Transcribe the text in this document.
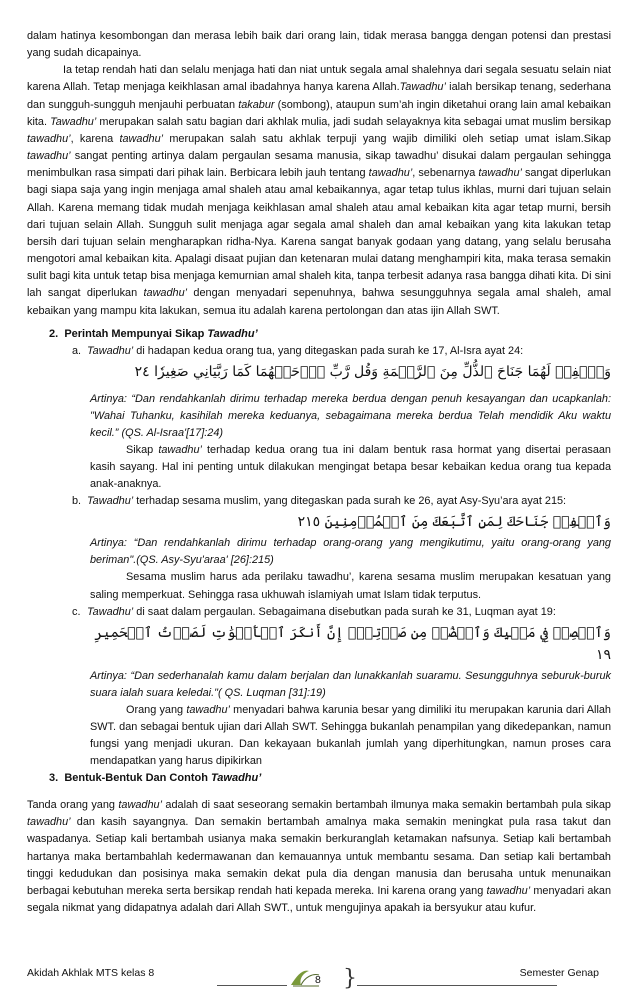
dalam hatinya kesombongan dan merasa lebih baik dari orang lain, tidak merasa bangga dengan potensi dan prestasi yang sudah dicapainya.

Ia tetap rendah hati dan selalu menjaga hati dan niat untuk segala amal shalehnya dari segala sesuatu selain niat karena Allah. Tetap menjaga keikhlasan amal ibadahnya hanya karena Allah.Tawadhu’ ialah bersikap tenang, sederhana dan sungguh-sungguh menjauhi perbuatan takabur (sombong), ataupun sum’ah ingin diketahui orang lain amal kebaikan kita. Tawadhu’ merupakan salah satu bagian dari akhlak mulia, jadi sudah selayaknya kita sebagai umat muslim bersikap tawadhu’, karena tawadhu’ merupakan salah satu akhlak terpuji yang wajib dimiliki oleh setiap umat islam.Sikap tawadhu’ sangat penting artinya dalam pergaulan sesama manusia, sikap tawadhu’ disukai dalam pergaulan sehingga menimbulkan rasa simpati dari pihak lain. Berbicara lebih jauh tentang tawadhu’, sebenarnya tawadhu’ sangat diperlukan bagi siapa saja yang ingin menjaga amal shaleh atau amal kebaikannya, agar tetap tulus ikhlas, murni dari tujuan selain Allah. Karena memang tidak mudah menjaga keikhlasan amal shaleh atau amal kebaikan kita agar tetap murni, bersih dari tujuan selain Allah. Sungguh sulit menjaga agar segala amal shaleh dan amal kebaikan yang kita lakukan tetap bersih dari tujuan selain mengharapkan ridha-Nya. Karena sangat banyak godaan yang datang, yang selalu berusaha mengotori amal kebaikan kita. Apalagi disaat pujian dan ketenaran mulai datang menghampiri kita, maka terasa semakin sulit bagi kita untuk tetap bisa menjaga kemurnian amal shaleh kita, tanpa terbesit adanya rasa bangga dihati kita. Di sini lah sangat diperlukan tawadhu’ dengan menyadari sepenuhnya, bahwa sesungguhnya segala amal shaleh, amal kebaikan yang mampu kita lakukan, semua itu adalah karena pertolongan dan atas ijin Allah SWT.

2. Perintah Mempunyai Sikap Tawadhu’
a. Tawadhu’ di hadapan kedua orang tua, yang ditegaskan pada surah ke 17, Al-Isra ayat 24:
وَٱخۡفِضۡ لَهُمَا جَنَاحَ ٱلذُّلِّ مِنَ ٱلرَّحۡمَةِ وَقُل رَّبِّ ٱرۡحَمۡهُمَا كَمَا رَبَّيَانِي صَغِيرٗا ٢٤

Artinya: “Dan rendahkanlah dirimu terhadap mereka berdua dengan penuh kesayangan dan ucapkanlah: "Wahai Tuhanku, kasihilah mereka keduanya, sebagaimana mereka berdua Telah mendidik Aku waktu kecil.” (QS. Al-Israa'[17]:24)

Sikap tawadhu’ terhadap kedua orang tua ini dalam bentuk rasa hormat yang disertai perasaan kasih sayang. Hal ini penting untuk dilakukan mengingat betapa besar kebaikan kedua orang tua kepada anak-anaknya.

b. Tawadhu’ terhadap sesama muslim, yang ditegaskan pada surah ke 26, ayat Asy-Syu’ara ayat 215:
وَٱخۡفِضۡ جَنَاحَكَ لِمَنِ ٱتَّبَعَكَ مِنَ ٱلۡمُؤۡمِنِينَ ٢١٥

Artinya: “Dan rendahkanlah dirimu terhadap orang-orang yang mengikutimu, yaitu orang-orang yang beriman".(QS. Asy-Syu'araa' [26]:215)

Sesama muslim harus ada perilaku tawadhu’, karena sesama muslim merupakan kesatuan yang saling memperkuat. Sehingga rasa ukhuwah islamiyah umat Islam tidak terputus.

c. Tawadhu’ di saat dalam pergaulan. Sebagaimana disebutkan pada surah ke 31, Luqman ayat 19:
وَٱقۡصِدۡ فِي مَشۡيِكَ وَٱغۡضُضۡ مِن صَوۡتِكَۚ إِنَّ أَنكَرَ ٱلۡأَصۡوَٰتِ لَصَوۡتُ ٱلۡحَمِيرِ ١٩

Artinya: “Dan sederhanalah kamu dalam berjalan dan lunakkanlah suaramu. Sesungguhnya seburuk-buruk suara ialah suara keledai."( QS. Luqman [31]:19)

Orang yang tawadhu’ menyadari bahwa karunia besar yang dimiliki itu merupakan karunia dari Allah SWT. dan sebagai bentuk ujian dari Allah SWT. Sehingga bukanlah penampilan yang dikedepankan, namun fungsi yang menjadi ukuran. Dan kekayaan bukanlah jumlah yang diperhitungkan, namun proses cara mendapatkan yang harus dipikirkan

3. Bentuk-Bentuk Dan Contoh Tawadhu’

Tanda orang yang tawadhu’ adalah di saat seseorang semakin bertambah ilmunya maka semakin bertambah pula sikap tawadhu’ dan kasih sayangnya. Dan semakin bertambah amalnya maka semakin meningkat pula rasa takut dan waspadanya. Setiap kali bertambah usianya maka semakin berkuranglah ketamakan nafsunya. Setiap kali bertambah hartanya maka bertambahlah kedermawanan dan kemauannya untuk membantu sesama. Dan setiap kali bertambah tinggi kedudukan dan posisinya maka semakin dekat pula dia dengan manusia dan berusaha untuk menunaikan berbagai kebutuhan mereka serta bersikap rendah hati kepada mereka. Ini karena orang yang tawadhu’ menyadari akan segala nikmat yang didapatnya adalah dari Allah SWT., untuk mengujinya apakah ia bersyukur atau kufur.

Akidah Akhlak MTS kelas 8
8 }	Semester Genap
